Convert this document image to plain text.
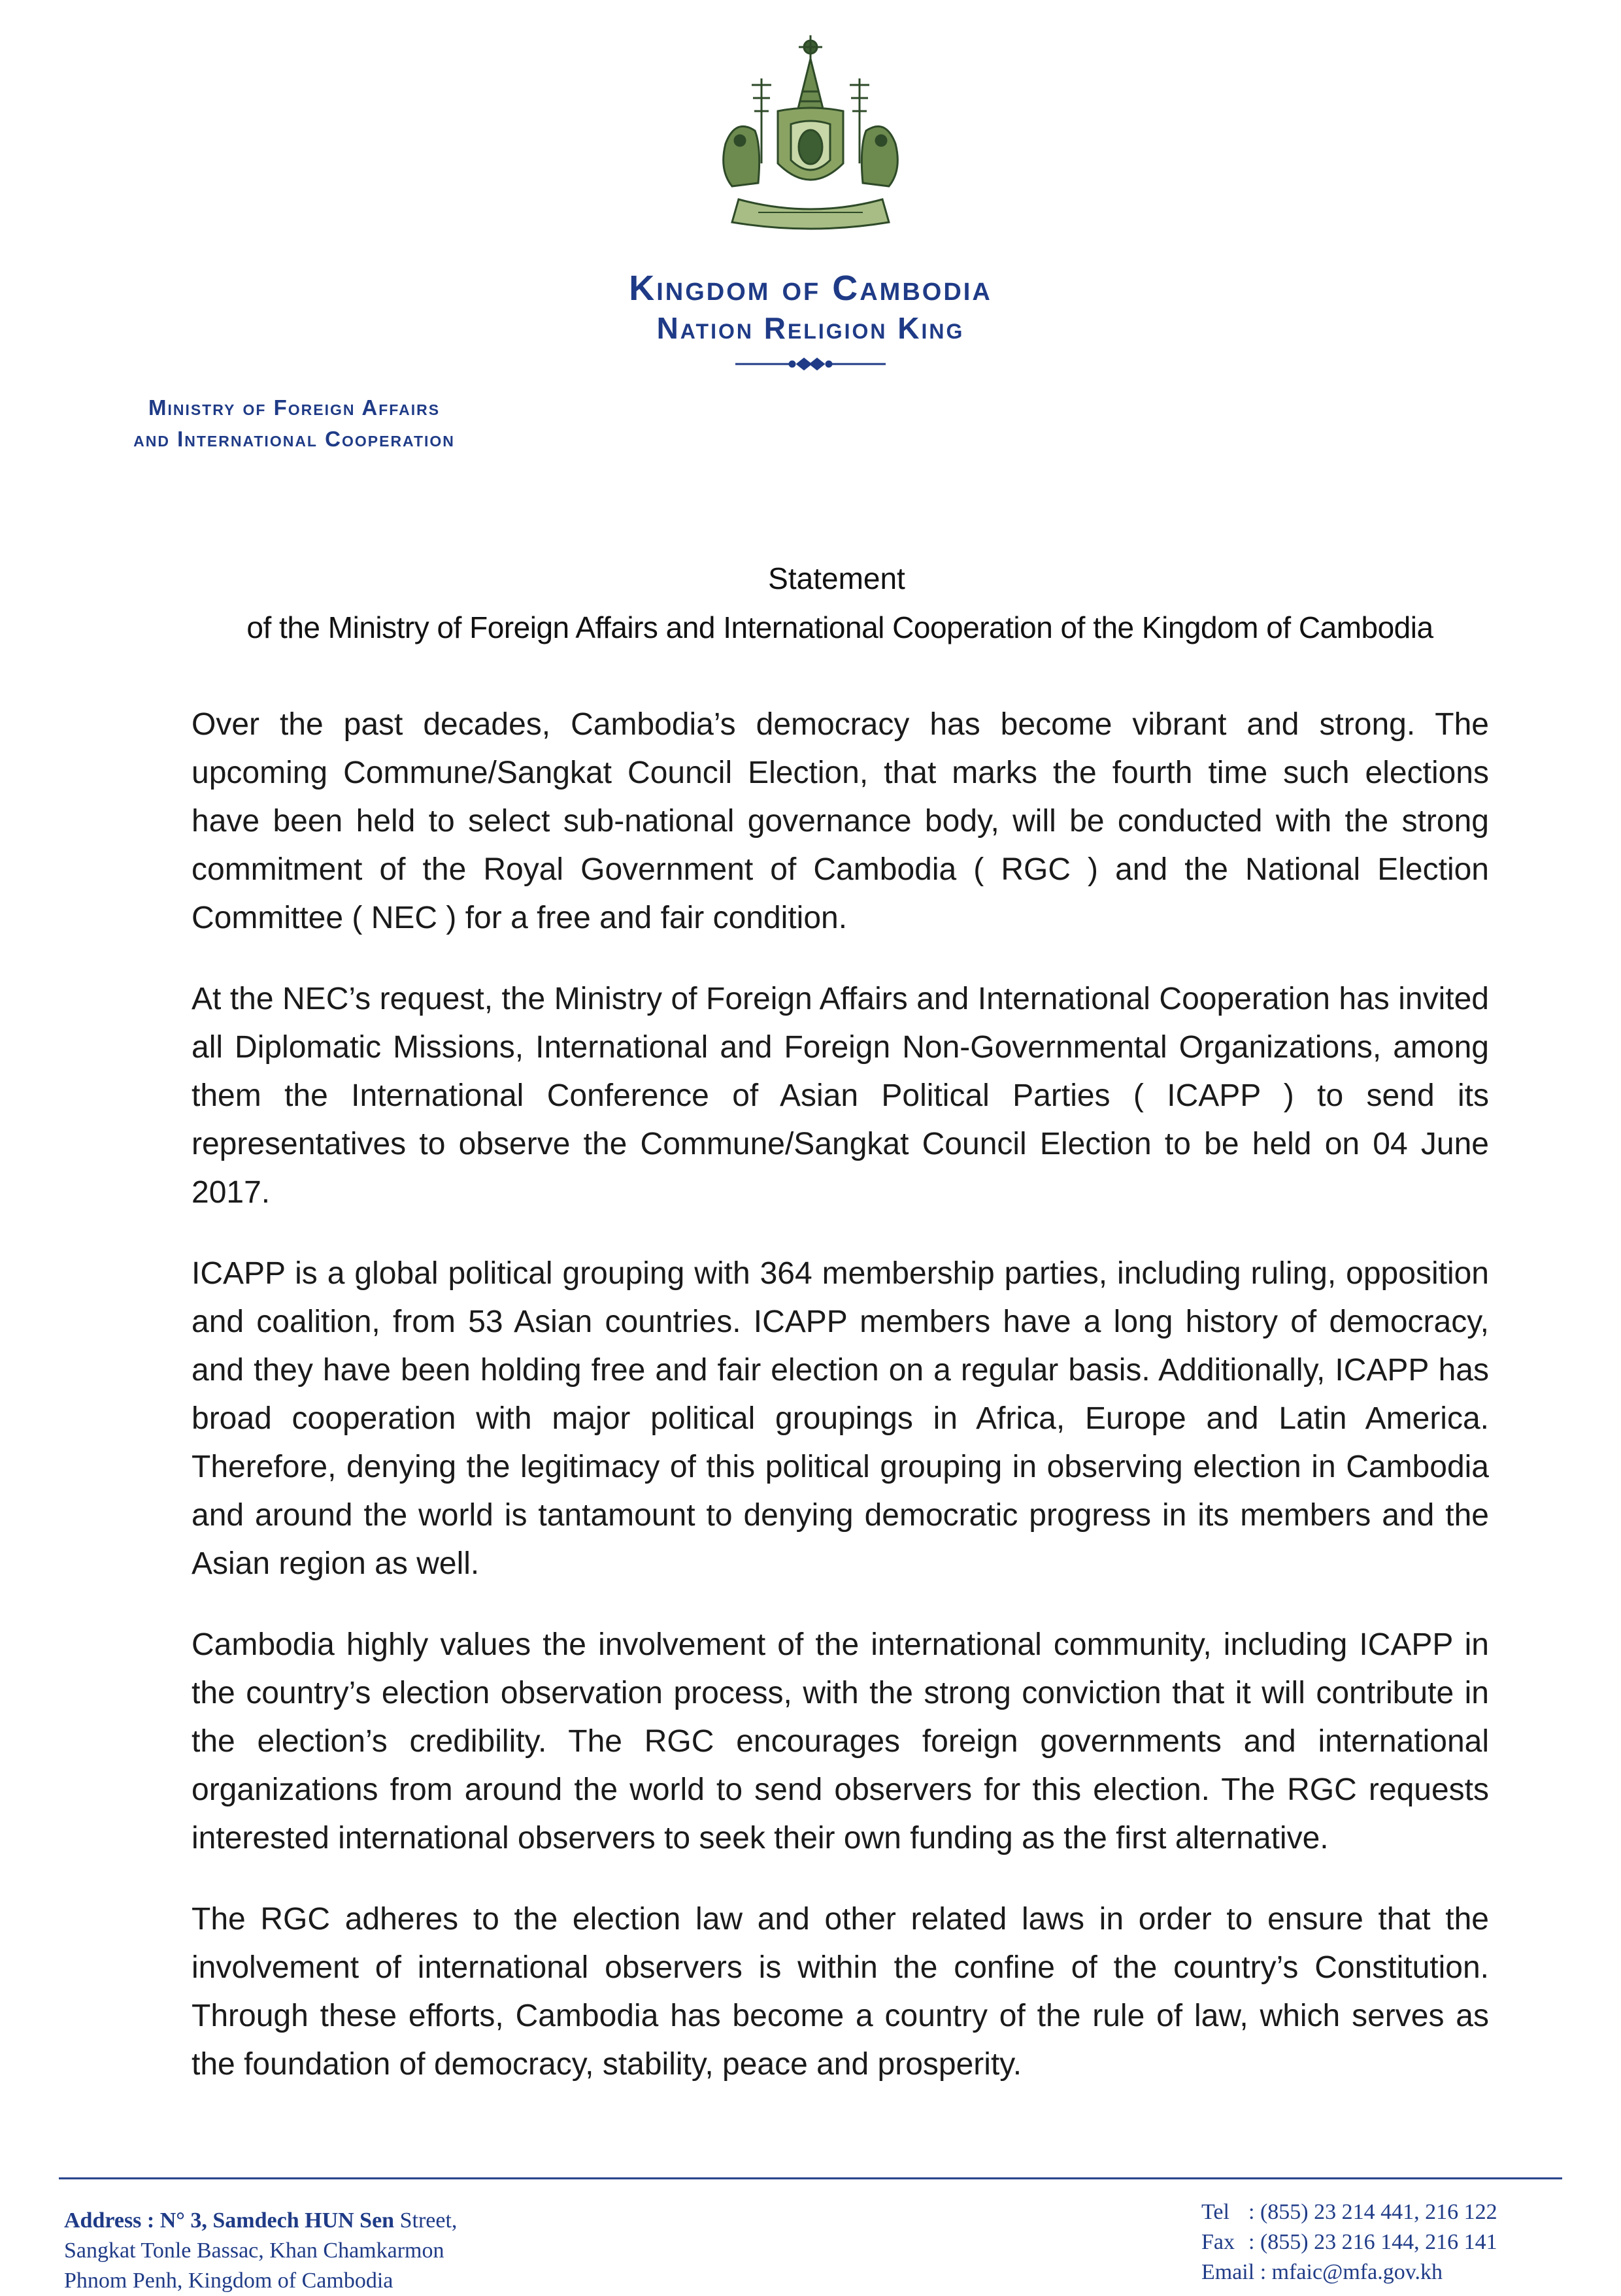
Kingdom of Cambodia
Nation Religion King
Ministry of Foreign Affairs
and International Cooperation
Statement
of the Ministry of Foreign Affairs and International Cooperation of the Kingdom of Cambodia

Over the past decades, Cambodia’s democracy has become vibrant and strong. The upcoming Commune/Sangkat Council Election, that marks the fourth time such elections have been held to select sub-national governance body, will be conducted with the strong commitment of the Royal Government of Cambodia ( RGC ) and the National Election Committee ( NEC ) for a free and fair condition.

At the NEC’s request, the Ministry of Foreign Affairs and International Cooperation has invited all Diplomatic Missions, International and Foreign Non-Governmental Organizations, among them the International Conference of Asian Political Parties ( ICAPP ) to send its representatives to observe the Commune/Sangkat Council Election to be held on 04 June 2017.

ICAPP is a global political grouping with 364 membership parties, including ruling, opposition and coalition, from 53 Asian countries. ICAPP members have a long history of democracy, and they have been holding free and fair election on a regular basis. Additionally, ICAPP has broad cooperation with major political groupings in Africa, Europe and Latin America. Therefore, denying the legitimacy of this political grouping in observing election in Cambodia and around the world is tantamount to denying democratic progress in its members and the Asian region as well.

Cambodia highly values the involvement of the international community, including ICAPP in the country’s election observation process, with the strong conviction that it will contribute in the election’s credibility. The RGC encourages foreign governments and international organizations from around the world to send observers for this election. The RGC requests interested international observers to seek their own funding as the first alternative.

The RGC adheres to the election law and other related laws in order to ensure that the involvement of international observers is within the confine of the country’s Constitution. Through these efforts, Cambodia has become a country of the rule of law, which serves as the foundation of democracy, stability, peace and prosperity.

Address : N° 3, Samdech HUN Sen Street,
Sangkat Tonle Bassac, Khan Chamkarmon
Phnom Penh, Kingdom of Cambodia
Tel : (855) 23 214 441, 216 122
Fax : (855) 23 216 144, 216 141
Email : mfaic@mfa.gov.kh
